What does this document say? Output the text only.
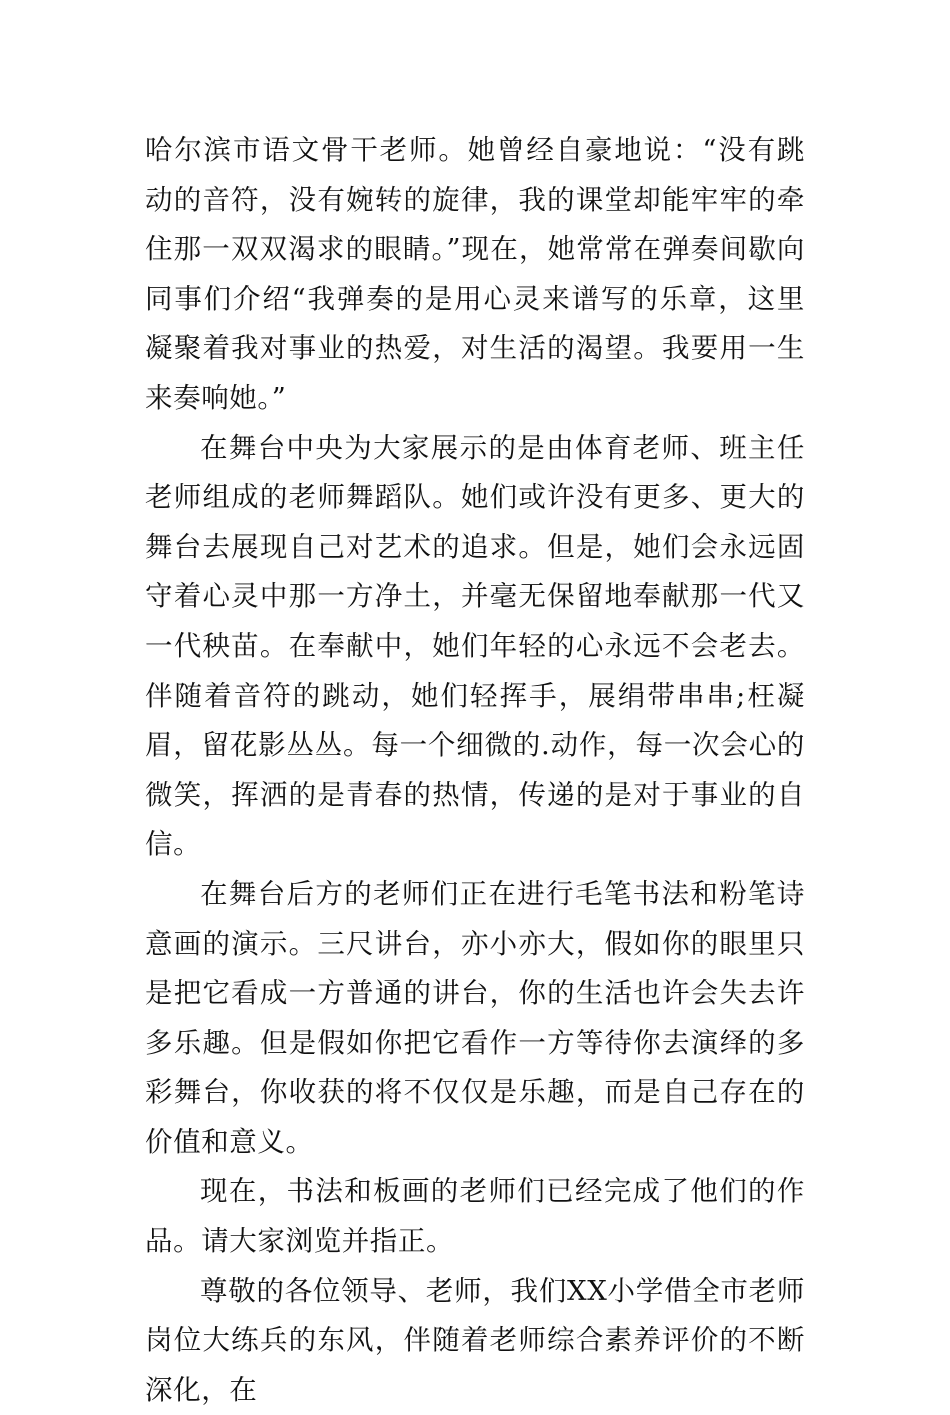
哈尔滨市语文骨干老师。她曾经自豪地说：“没有跳动的音符，没有婉转的旋律，我的课堂却能牢牢的牵住那一双双渴求的眼睛。”现在，她常常在弹奏间歇向同事们介绍“我弹奏的是用心灵来谱写的乐章，这里凝聚着我对事业的热爱，对生活的渴望。我要用一生来奏响她。”

在舞台中央为大家展示的是由体育老师、班主任老师组成的老师舞蹈队。她们或许没有更多、更大的舞台去展现自己对艺术的追求。但是，她们会永远固守着心灵中那一方净土，并毫无保留地奉献那一代又一代秧苗。在奉献中，她们年轻的心永远不会老去。伴随着音符的跳动，她们轻挥手，展绢带串串;枉凝眉，留花影丛丛。每一个细微的.动作，每一次会心的微笑，挥洒的是青春的热情，传递的是对于事业的自信。

在舞台后方的老师们正在进行毛笔书法和粉笔诗意画的演示。三尺讲台，亦小亦大，假如你的眼里只是把它看成一方普通的讲台，你的生活也许会失去许多乐趣。但是假如你把它看作一方等待你去演绎的多彩舞台，你收获的将不仅仅是乐趣，而是自己存在的价值和意义。

现在，书法和板画的老师们已经完成了他们的作品。请大家浏览并指正。

尊敬的各位领导、老师，我们XX小学借全市老师岗位大练兵的东风，伴随着老师综合素养评价的不断深化，在
